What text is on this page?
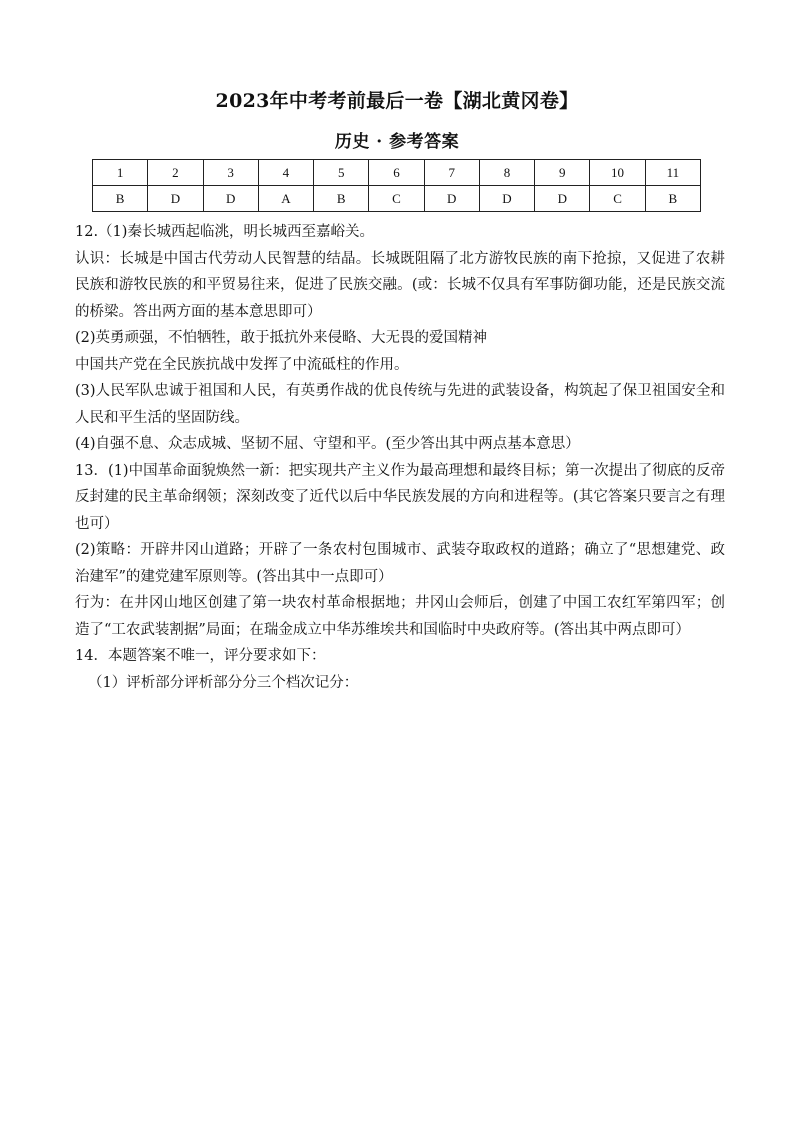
2023年中考考前最后一卷【湖北黄冈卷】
历史 · 参考答案
1	2	3	4	5	6	7	8	9	10	11
B	D	D	A	B	C	D	D	D	C	B

12.（1)秦长城西起临洮，明长城西至嘉峪关。

认识：长城是中国古代劳动人民智慧的结晶。长城既阻隔了北方游牧民族的南下抢掠，又促进了农耕民族和游牧民族的和平贸易往来，促进了民族交融。(或：长城不仅具有军事防御功能，还是民族交流的桥梁。答出两方面的基本意思即可）

(2)英勇顽强，不怕牺牲，敢于抵抗外来侵略、大无畏的爱国精神

中国共产党在全民族抗战中发挥了中流砥柱的作用。

(3)人民军队忠诚于祖国和人民，有英勇作战的优良传统与先进的武装设备，构筑起了保卫祖国安全和人民和平生活的坚固防线。

(4)自强不息、众志成城、坚韧不屈、守望和平。(至少答出其中两点基本意思）

13．(1)中国革命面貌焕然一新：把实现共产主义作为最高理想和最终目标；第一次提出了彻底的反帝反封建的民主革命纲领；深刻改变了近代以后中华民族发展的方向和进程等。(其它答案只要言之有理也可）

(2)策略：开辟井冈山道路；开辟了一条农村包围城市、武装夺取政权的道路；确立了“思想建党、政治建军”的建党建军原则等。(答出其中一点即可）

行为：在井冈山地区创建了第一块农村革命根据地；井冈山会师后，创建了中国工农红军第四军；创造了“工农武装割据”局面；在瑞金成立中华苏维埃共和国临时中央政府等。(答出其中两点即可）

14．本题答案不唯一，评分要求如下：

（1）评析部分评析部分分三个档次记分：
